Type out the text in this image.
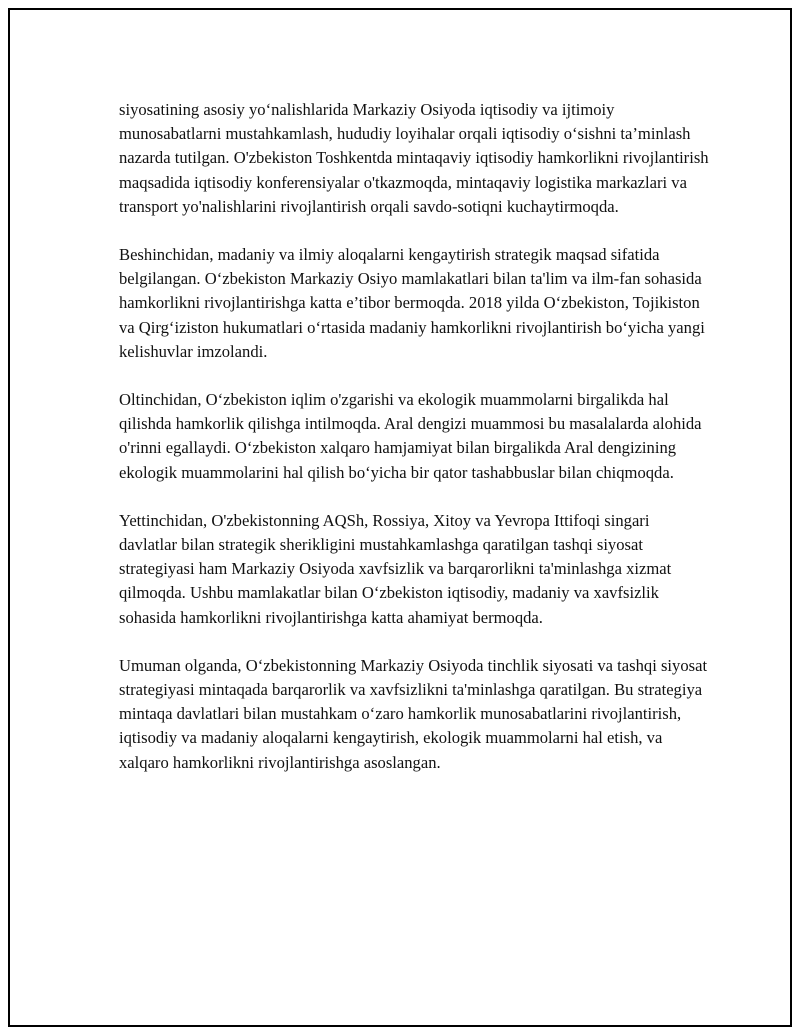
siyosatining asosiy yo‘nalishlarida Markaziy Osiyoda iqtisodiy va ijtimoiy munosabatlarni mustahkamlash, hududiy loyihalar orqali iqtisodiy o‘sishni ta’minlash nazarda tutilgan. O'zbekiston Toshkentda mintaqaviy iqtisodiy hamkorlikni rivojlantirish maqsadida iqtisodiy konferensiyalar o'tkazmoqda, mintaqaviy logistika markazlari va transport yo'nalishlarini rivojlantirish orqali savdo-sotiqni kuchaytirmoqda.

Beshinchidan, madaniy va ilmiy aloqalarni kengaytirish strategik maqsad sifatida belgilangan. O‘zbekiston Markaziy Osiyo mamlakatlari bilan ta'lim va ilm-fan sohasida hamkorlikni rivojlantirishga katta e’tibor bermoqda. 2018 yilda O‘zbekiston, Tojikiston va Qirg‘iziston hukumatlari o‘rtasida madaniy hamkorlikni rivojlantirish bo‘yicha yangi kelishuvlar imzolandi.

Oltinchidan, O‘zbekiston iqlim o'zgarishi va ekologik muammolarni birgalikda hal qilishda hamkorlik qilishga intilmoqda. Aral dengizi muammosi bu masalalarda alohida o'rinni egallaydi. O‘zbekiston xalqaro hamjamiyat bilan birgalikda Aral dengizining ekologik muammolarini hal qilish bo‘yicha bir qator tashabbuslar bilan chiqmoqda.

Yettinchidan, O'zbekistonning AQSh, Rossiya, Xitoy va Yevropa Ittifoqi singari davlatlar bilan strategik sherikligini mustahkamlashga qaratilgan tashqi siyosat strategiyasi ham Markaziy Osiyoda xavfsizlik va barqarorlikni ta'minlashga xizmat qilmoqda. Ushbu mamlakatlar bilan O‘zbekiston iqtisodiy, madaniy va xavfsizlik sohasida hamkorlikni rivojlantirishga katta ahamiyat bermoqda.

Umuman olganda, O‘zbekistonning Markaziy Osiyoda tinchlik siyosati va tashqi siyosat strategiyasi mintaqada barqarorlik va xavfsizlikni ta'minlashga qaratilgan. Bu strategiya mintaqa davlatlari bilan mustahkam o‘zaro hamkorlik munosabatlarini rivojlantirish, iqtisodiy va madaniy aloqalarni kengaytirish, ekologik muammolarni hal etish, va xalqaro hamkorlikni rivojlantirishga asoslangan.
